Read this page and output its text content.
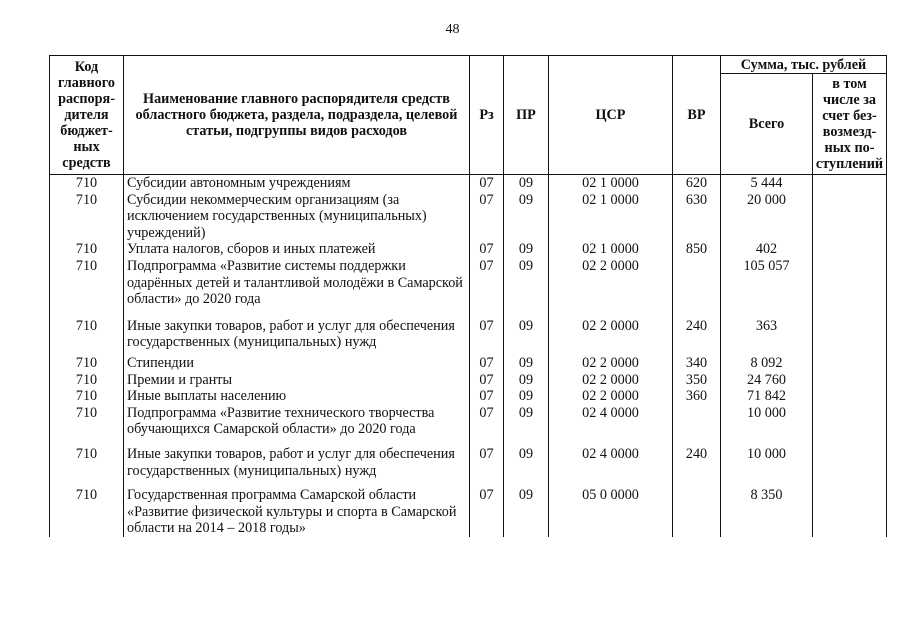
48
Код главного распоря-дителя бюджет-ных средств	Наименование главного распорядителя средств областного бюджета, раздела, подраздела, целевой статьи, подгруппы видов расходов	Рз	ПР	ЦСР	ВР	Сумма, тыс. рублей	
						Всего	в том числе за счет без-возмезд-ных по-ступлений
710	Субсидии автономным учреждениям	07	09	02 1 0000	620	5 444	
710	Субсидии некоммерческим организациям (за исключением государственных (муниципальных) учреждений)	07	09	02 1 0000	630	20 000	
710	Уплата налогов, сборов и иных платежей	07	09	02 1 0000	850	402	
710	Подпрограмма «Развитие системы поддержки одарённых детей и талантливой молодёжи в Самарской области» до 2020 года	07	09	02 2 0000		105 057	
710	Иные закупки товаров, работ и услуг для обеспечения государственных (муниципальных) нужд	07	09	02 2 0000	240	363	
710	Стипендии	07	09	02 2 0000	340	8 092	
710	Премии и гранты	07	09	02 2 0000	350	24 760	
710	Иные выплаты населению	07	09	02 2 0000	360	71 842	
710	Подпрограмма «Развитие технического творчества обучающихся Самарской области» до 2020 года	07	09	02 4 0000		10 000	
710	Иные закупки товаров, работ и услуг для обеспечения государственных (муниципальных) нужд	07	09	02 4 0000	240	10 000	
710	Государственная программа Самарской области «Развитие физической культуры и спорта в Самарской области на 2014 – 2018 годы»	07	09	05 0 0000		8 350	
